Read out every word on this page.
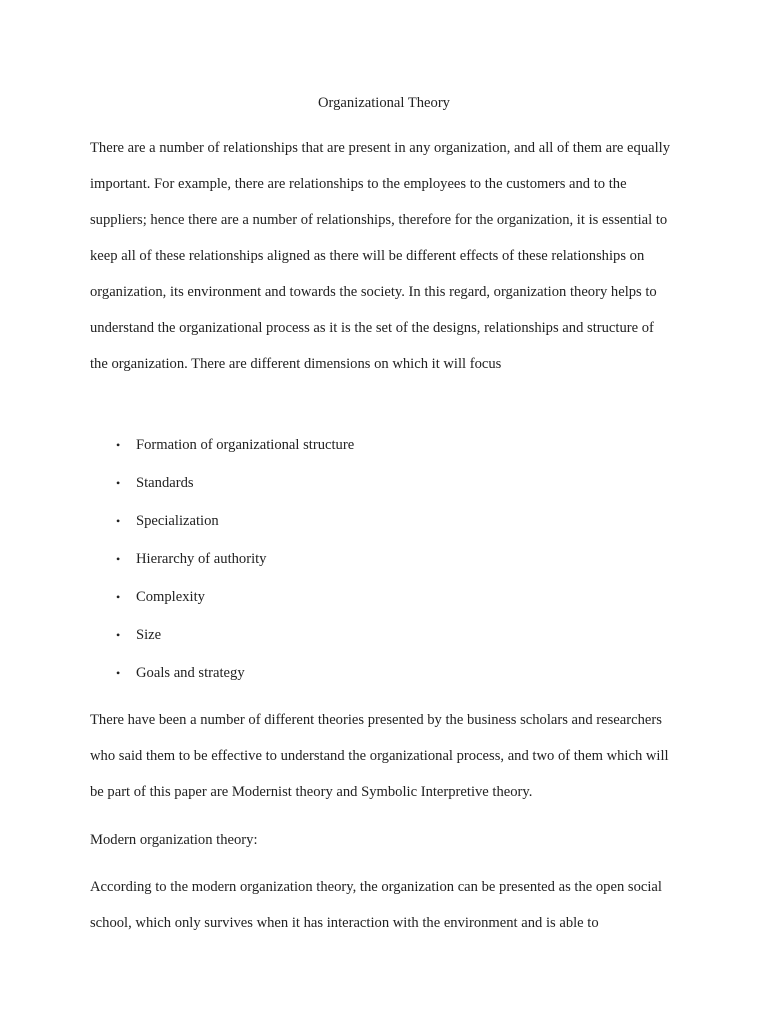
Organizational Theory

There are a number of relationships that are present in any organization, and all of them are equally important. For example, there are relationships to the employees to the customers and to the suppliers; hence there are a number of relationships, therefore for the organization, it is essential to keep all of these relationships aligned as there will be different effects of these relationships on organization, its environment and towards the society. In this regard, organization theory helps to understand the organizational process as it is the set of the designs, relationships and structure of the organization. There are different dimensions on which it will focus

• Formation of organizational structure
• Standards
• Specialization
• Hierarchy of authority
• Complexity
• Size
• Goals and strategy

There have been a number of different theories presented by the business scholars and researchers who said them to be effective to understand the organizational process, and two of them which will be part of this paper are Modernist theory and Symbolic Interpretive theory.

Modern organization theory:

According to the modern organization theory, the organization can be presented as the open social school, which only survives when it has interaction with the environment and is able to
